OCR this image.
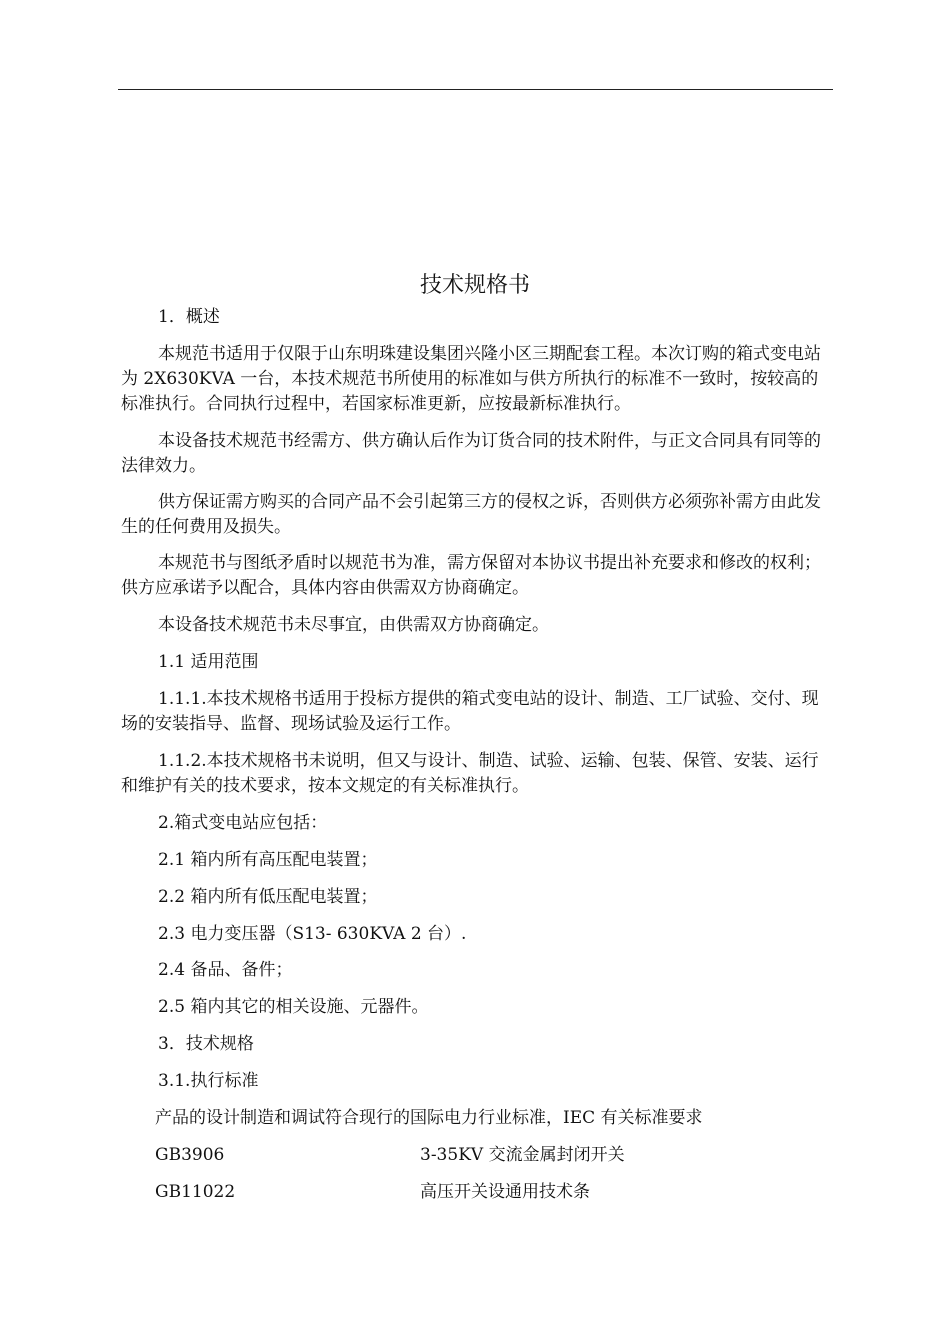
技术规格书
1．概述
本规范书适用于仅限于山东明珠建设集团兴隆小区三期配套工程。本次订购的箱式变电站为 2X630KVA 一台，本技术规范书所使用的标准如与供方所执行的标准不一致时，按较高的标准执行。合同执行过程中，若国家标准更新，应按最新标准执行。
本设备技术规范书经需方、供方确认后作为订货合同的技术附件，与正文合同具有同等的法律效力。
供方保证需方购买的合同产品不会引起第三方的侵权之诉，否则供方必须弥补需方由此发生的任何费用及损失。
本规范书与图纸矛盾时以规范书为准，需方保留对本协议书提出补充要求和修改的权利；供方应承诺予以配合，具体内容由供需双方协商确定。
本设备技术规范书未尽事宜，由供需双方协商确定。
1.1 适用范围
1.1.1.本技术规格书适用于投标方提供的箱式变电站的设计、制造、工厂试验、交付、现场的安装指导、监督、现场试验及运行工作。
1.1.2.本技术规格书未说明，但又与设计、制造、试验、运输、包装、保管、安装、运行和维护有关的技术要求，按本文规定的有关标准执行。
2.箱式变电站应包括：
2.1 箱内所有高压配电装置；
2.2 箱内所有低压配电装置；
2.3 电力变压器（S13- 630KVA 2 台）.
2.4 备品、备件；
2.5 箱内其它的相关设施、元器件。
3．技术规格
3.1.执行标准
产品的设计制造和调试符合现行的国际电力行业标准，IEC 有关标准要求
GB3906	3-35KV 交流金属封闭开关
GB11022	高压开关设通用技术条
